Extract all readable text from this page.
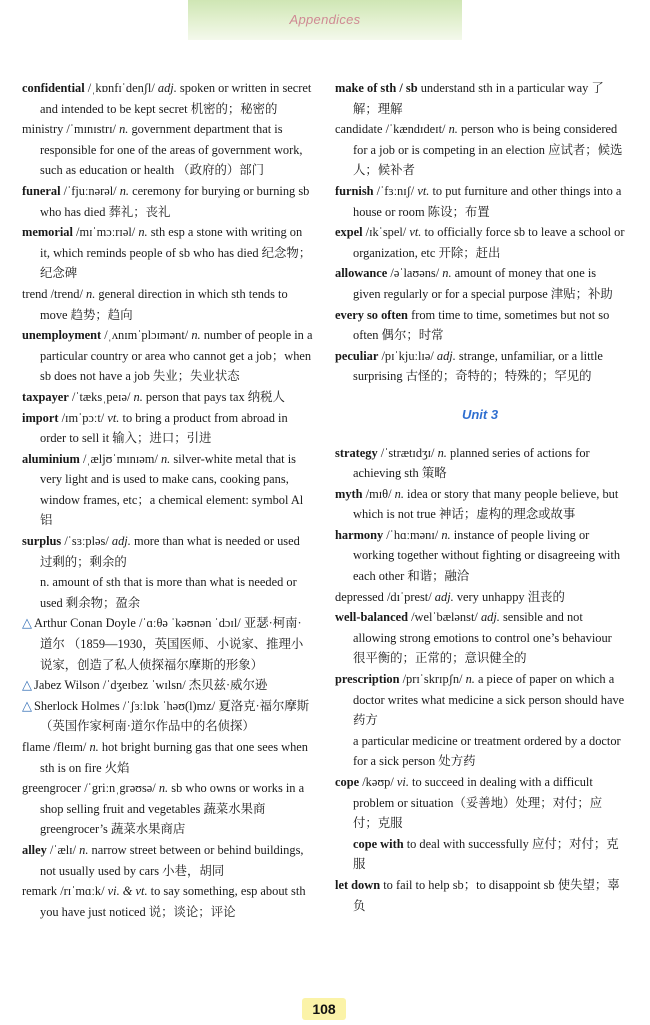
Appendices

confidential /ˌkɒnfɪˈdenʃl/ adj. spoken or written in secret and intended to be kept secret 机密的；秘密的

ministry /ˈmɪnɪstrɪ/ n. government department that is responsible for one of the areas of government work, such as education or health （政府的）部门

funeral /ˈfjuːnərəl/ n. ceremony for burying or burning sb who has died 葬礼；丧礼

memorial /mɪˈmɔːrɪəl/ n. sth esp a stone with writing on it, which reminds people of sb who has died 纪念物；纪念碑

trend /trend/ n. general direction in which sth tends to move 趋势；趋向

unemployment /ˌʌnɪmˈplɔɪmənt/ n. number of people in a particular country or area who cannot get a job；when sb does not have a job 失业；失业状态

taxpayer /ˈtæksˌpeɪə/ n. person that pays tax 纳税人

import /ɪmˈpɔːt/ vt. to bring a product from abroad in order to sell it 输入；进口；引进

aluminium /ˌæljʊˈmɪnɪəm/ n. silver-white metal that is very light and is used to make cans, cooking pans, window frames, etc；a chemical element: symbol Al 铝

surplus /ˈsɜːpləs/ adj. more than what is needed or used 过剩的；剩余的

n. amount of sth that is more than what is needed or used 剩余物；盈余

△ Arthur Conan Doyle /ˈɑːθə ˈkəʊnən ˈdɔɪl/ 亚瑟·柯南·道尔 （1859—1930，英国医师、小说家、推理小说家，创造了私人侦探福尔摩斯的形象）

△ Jabez Wilson /ˈdʒeɪbez ˈwɪlsn/ 杰贝兹·威尔逊

△ Sherlock Holmes /ˈʃɜːlɒk ˈhəʊ(l)mz/ 夏洛克·福尔摩斯（英国作家柯南·道尔作品中的名侦探）

flame /fleɪm/ n. hot bright burning gas that one sees when sth is on fire 火焰

greengrocer /ˈgriːnˌgrəʊsə/ n. sb who owns or works in a shop selling fruit and vegetables 蔬菜水果商

greengrocer’s 蔬菜水果商店

alley /ˈælɪ/ n. narrow street between or behind buildings, not usually used by cars 小巷，胡同

remark /rɪˈmɑːk/ vi. & vt. to say something, esp about sth you have just noticed 说；谈论；评论

make of sth / sb understand sth in a particular way 了解；理解

candidate /ˈkændɪdeɪt/ n. person who is being considered for a job or is competing in an election 应试者；候选人；候补者

furnish /ˈfɜːnɪʃ/ vt. to put furniture and other things into a house or room 陈设；布置

expel /ɪkˈspel/ vt. to officially force sb to leave a school or organization, etc 开除；赶出

allowance /əˈlaʊəns/ n. amount of money that one is given regularly or for a special purpose 津贴；补助

every so often from time to time, sometimes but not so often 偶尔；时常

peculiar /pɪˈkjuːlɪə/ adj. strange, unfamiliar, or a little surprising 古怪的；奇特的；特殊的；罕见的

Unit 3

strategy /ˈstrætɪdʒɪ/ n. planned series of actions for achieving sth 策略

myth /mɪθ/ n. idea or story that many people believe, but which is not true 神话；虚构的理念或故事

harmony /ˈhɑːmənɪ/ n. instance of people living or working together without fighting or disagreeing with each other 和谐；融洽

depressed /dɪˈprest/ adj. very unhappy 沮丧的

well-balanced /welˈbælənst/ adj. sensible and not allowing strong emotions to control one’s behaviour 很平衡的；正常的；意识健全的

prescription /prɪˈskrɪpʃn/ n. a piece of paper on which a doctor writes what medicine a sick person should have 药方

a particular medicine or treatment ordered by a doctor for a sick person 处方药

cope /kəʊp/ vi. to succeed in dealing with a difficult problem or situation（妥善地）处理；对付；应付；克服

cope with to deal with successfully 应付；对付；克服

let down to fail to help sb；to disappoint sb 使失望；辜负

108
